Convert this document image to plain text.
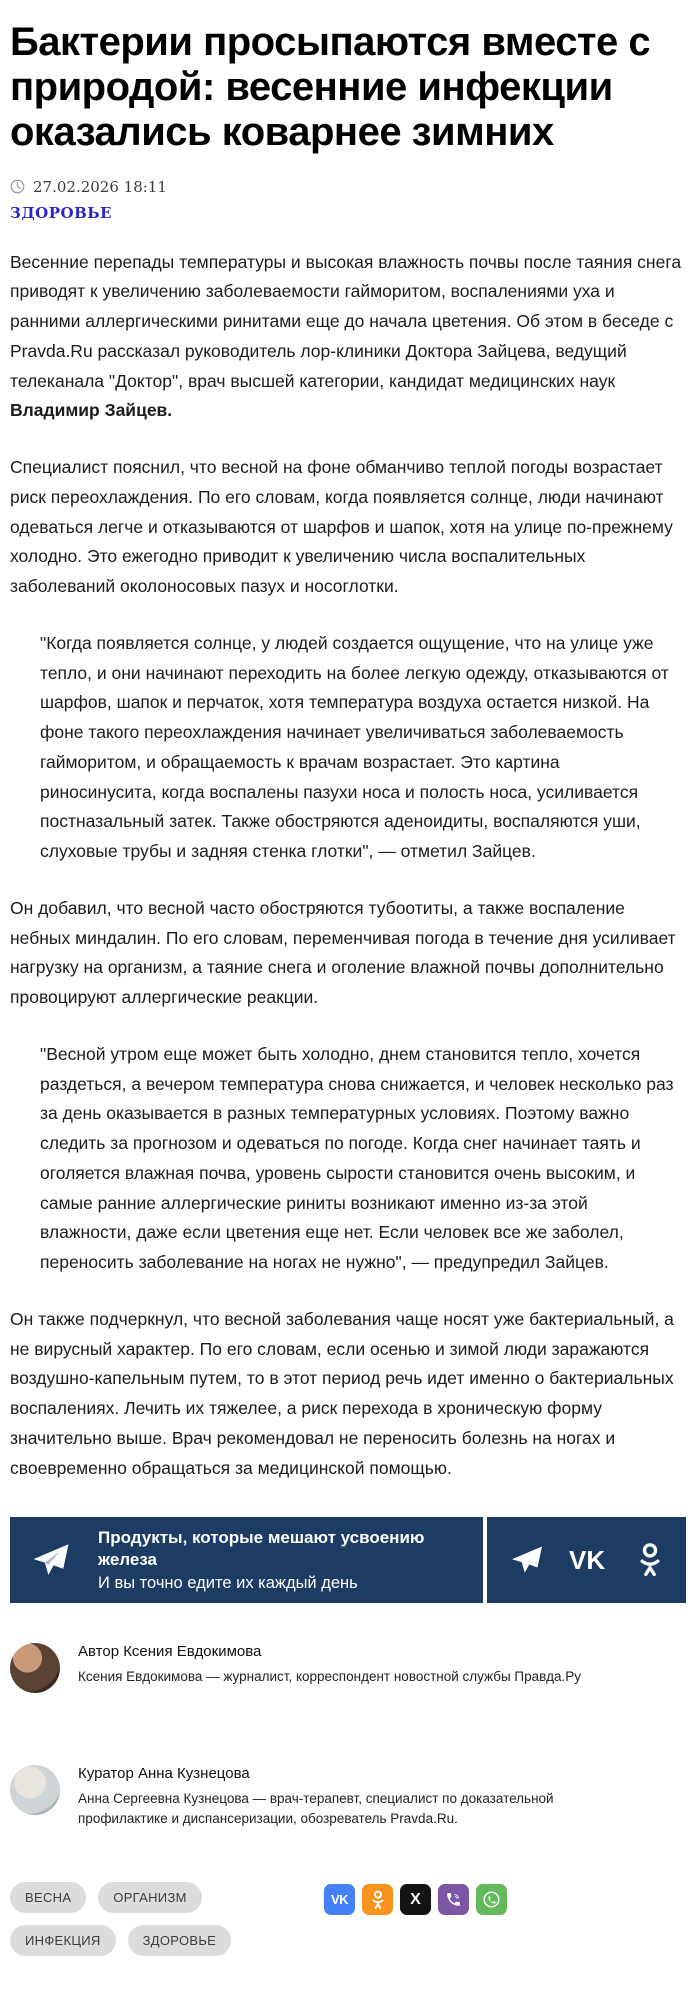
Бактерии просыпаются вместе с природой: весенние инфекции оказались коварнее зимних
27.02.2026 18:11
ЗДОРОВЬЕ

Весенние перепады температуры и высокая влажность почвы после таяния снега приводят к увеличению заболеваемости гайморитом, воспалениями уха и ранними аллергическими ринитами еще до начала цветения. Об этом в беседе с Pravda.Ru рассказал руководитель лор-клиники Доктора Зайцева, ведущий телеканала "Доктор", врач высшей категории, кандидат медицинских наук Владимир Зайцев.

Специалист пояснил, что весной на фоне обманчиво теплой погоды возрастает риск переохлаждения. По его словам, когда появляется солнце, люди начинают одеваться легче и отказываются от шарфов и шапок, хотя на улице по-прежнему холодно. Это ежегодно приводит к увеличению числа воспалительных заболеваний околоносовых пазух и носоглотки.

"Когда появляется солнце, у людей создается ощущение, что на улице уже тепло, и они начинают переходить на более легкую одежду, отказываются от шарфов, шапок и перчаток, хотя температура воздуха остается низкой. На фоне такого переохлаждения начинает увеличиваться заболеваемость гайморитом, и обращаемость к врачам возрастает. Это картина риносинусита, когда воспалены пазухи носа и полость носа, усиливается постназальный затек. Также обостряются аденоидиты, воспаляются уши, слуховые трубы и задняя стенка глотки", — отметил Зайцев.

Он добавил, что весной часто обостряются тубоотиты, а также воспаление небных миндалин. По его словам, переменчивая погода в течение дня усиливает нагрузку на организм, а таяние снега и оголение влажной почвы дополнительно провоцируют аллергические реакции.

"Весной утром еще может быть холодно, днем становится тепло, хочется раздеться, а вечером температура снова снижается, и человек несколько раз за день оказывается в разных температурных условиях. Поэтому важно следить за прогнозом и одеваться по погоде. Когда снег начинает таять и оголяется влажная почва, уровень сырости становится очень высоким, и самые ранние аллергические риниты возникают именно из-за этой влажности, даже если цветения еще нет. Если человек все же заболел, переносить заболевание на ногах не нужно", — предупредил Зайцев.

Он также подчеркнул, что весной заболевания чаще носят уже бактериальный, а не вирусный характер. По его словам, если осенью и зимой люди заражаются воздушно-капельным путем, то в этот период речь идет именно о бактериальных воспалениях. Лечить их тяжелее, а риск перехода в хроническую форму значительно выше. Врач рекомендовал не переносить болезнь на ногах и своевременно обращаться за медицинской помощью.

Продукты, которые мешают усвоению железа
И вы точно едите их каждый день
VK
Автор Ксения Евдокимова
Ксения Евдокимова — журналист, корреспондент новостной службы Правда.Ру
Куратор Анна Кузнецова
Анна Сергеевна Кузнецова — врач-терапевт, специалист по доказательной профилактике и диспансеризации, обозреватель Pravda.Ru.
ВЕСНА	ОРГАНИЗМ
ИНФЕКЦИЯ	ЗДОРОВЬЕ
VK	X
